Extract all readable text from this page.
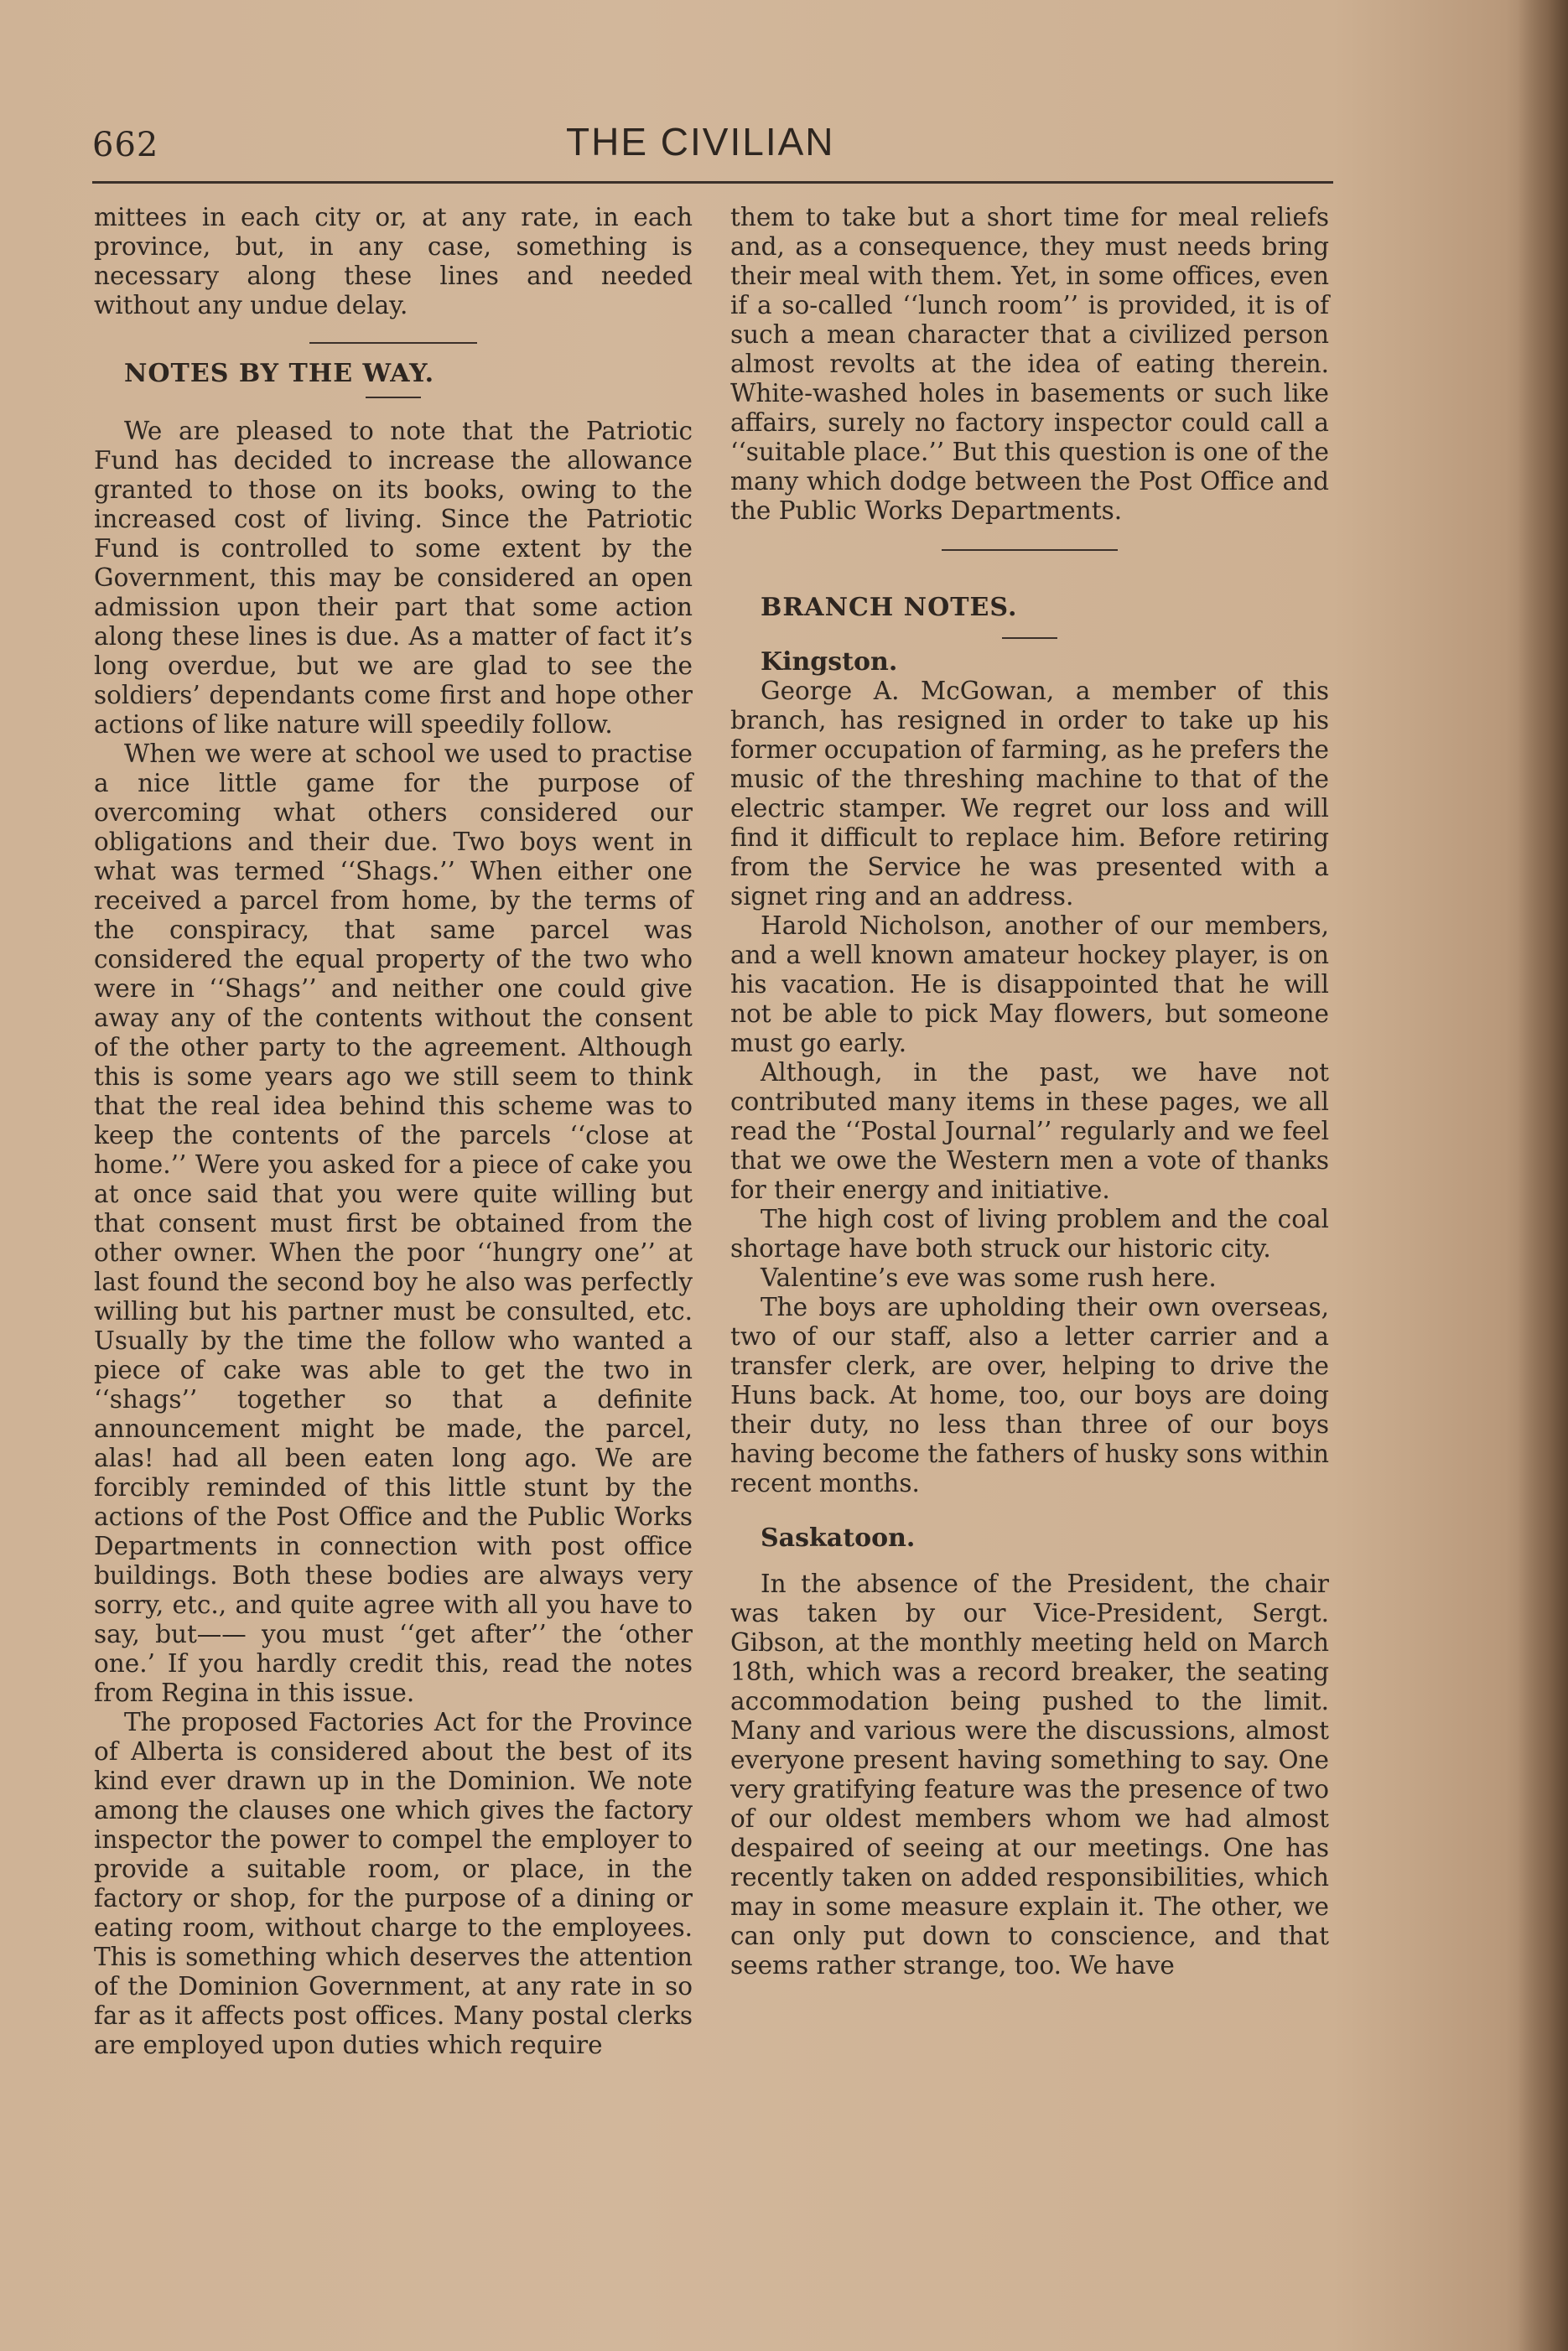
662	THE CIVILIAN

mittees in each city or, at any rate, in each province, but, in any case, something is necessary along these lines and needed without any undue delay.

NOTES BY THE WAY.

We are pleased to note that the Patriotic Fund has decided to increase the allowance granted to those on its books, owing to the increased cost of living. Since the Patriotic Fund is controlled to some extent by the Government, this may be considered an open admission upon their part that some action along these lines is due. As a matter of fact it’s long overdue, but we are glad to see the soldiers’ dependants come first and hope other actions of like nature will speedily follow.

When we were at school we used to practise a nice little game for the purpose of overcoming what others considered our obligations and their due. Two boys went in what was termed ‘‘Shags.’’ When either one received a parcel from home, by the terms of the conspiracy, that same parcel was considered the equal property of the two who were in ‘‘Shags’’ and neither one could give away any of the contents without the consent of the other party to the agreement. Although this is some years ago we still seem to think that the real idea behind this scheme was to keep the contents of the parcels ‘‘close at home.’’ Were you asked for a piece of cake you at once said that you were quite willing but that consent must first be obtained from the other owner. When the poor ‘‘hungry one’’ at last found the second boy he also was perfectly willing but his partner must be consulted, etc. Usually by the time the follow who wanted a piece of cake was able to get the two in ‘‘shags’’ together so that a definite announcement might be made, the parcel, alas! had all been eaten long ago. We are forcibly reminded of this little stunt by the actions of the Post Office and the Public Works Departments in connection with post office buildings. Both these bodies are always very sorry, etc., and quite agree with all you have to say, but—— you must ‘‘get after’’ the ‘other one.’ If you hardly credit this, read the notes from Regina in this issue.

The proposed Factories Act for the Province of Alberta is considered about the best of its kind ever drawn up in the Dominion. We note among the clauses one which gives the factory inspector the power to compel the employer to provide a suitable room, or place, in the factory or shop, for the purpose of a dining or eating room, without charge to the employees. This is something which deserves the attention of the Dominion Government, at any rate in so far as it affects post offices. Many postal clerks are employed upon duties which require

them to take but a short time for meal reliefs and, as a consequence, they must needs bring their meal with them. Yet, in some offices, even if a so-called ‘‘lunch room’’ is provided, it is of such a mean character that a civilized person almost revolts at the idea of eating therein. White-washed holes in basements or such like affairs, surely no factory inspector could call a ‘‘suitable place.’’ But this question is one of the many which dodge between the Post Office and the Public Works Departments.

BRANCH NOTES.

Kingston.

George A. McGowan, a member of this branch, has resigned in order to take up his former occupation of farming, as he prefers the music of the threshing machine to that of the electric stamper. We regret our loss and will find it difficult to replace him. Before retiring from the Service he was presented with a signet ring and an address.

Harold Nicholson, another of our members, and a well known amateur hockey player, is on his vacation. He is disappointed that he will not be able to pick May flowers, but someone must go early.

Although, in the past, we have not contributed many items in these pages, we all read the ‘‘Postal Journal’’ regularly and we feel that we owe the Western men a vote of thanks for their energy and initiative.

The high cost of living problem and the coal shortage have both struck our historic city.

Valentine’s eve was some rush here.

The boys are upholding their own overseas, two of our staff, also a letter carrier and a transfer clerk, are over, helping to drive the Huns back. At home, too, our boys are doing their duty, no less than three of our boys having become the fathers of husky sons within recent months.

Saskatoon.

In the absence of the President, the chair was taken by our Vice-President, Sergt. Gibson, at the monthly meeting held on March 18th, which was a record breaker, the seating accommodation being pushed to the limit. Many and various were the discussions, almost everyone present having something to say. One very gratifying feature was the presence of two of our oldest members whom we had almost despaired of seeing at our meetings. One has recently taken on added responsibilities, which may in some measure explain it. The other, we can only put down to conscience, and that seems rather strange, too. We have
